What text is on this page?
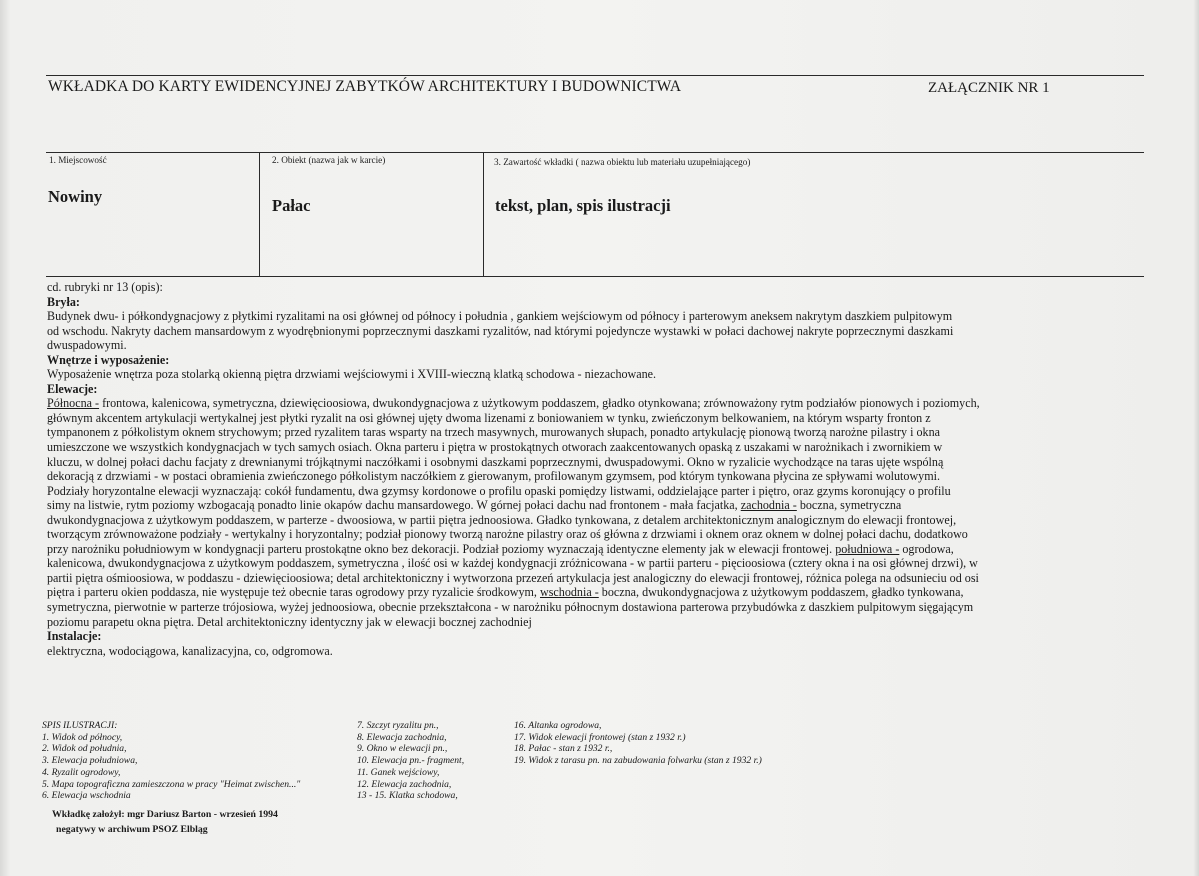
WKŁADKA DO KARTY EWIDENCYJNEJ ZABYTKÓW ARCHITEKTURY I BUDOWNICTWA	ZAŁĄCZNIK NR 1
1. Miejscowość
Nowiny
2. Obiekt (nazwa jak w karcie)
Pałac
3. Zawartość wkładki ( nazwa obiektu lub materiału uzupełniającego)
tekst, plan, spis ilustracji

cd. rubryki nr 13 (opis):

Bryła:

Budynek dwu- i półkondygnacjowy z płytkimi ryzalitami na osi głównej od północy i południa , gankiem wejściowym od północy i parterowym aneksem nakrytym daszkiem pulpitowym

od wschodu. Nakryty dachem mansardowym z wyodrębnionymi poprzecznymi daszkami ryzalitów, nad którymi pojedyncze wystawki w połaci dachowej nakryte poprzecznymi daszkami

dwuspadowymi.

Wnętrze i wyposażenie:

Wyposażenie wnętrza poza stolarką okienną piętra drzwiami wejściowymi i XVIII-wieczną klatką schodowa - niezachowane.

Elewacje:

Północna - frontowa, kalenicowa, symetryczna, dziewięcioosiowa, dwukondygnacjowa z użytkowym poddaszem, gładko otynkowana; zrównoważony rytm podziałów pionowych i poziomych,

głównym akcentem artykulacji wertykalnej jest płytki ryzalit na osi głównej ujęty dwoma lizenami z boniowaniem w tynku, zwieńczonym belkowaniem, na którym wsparty fronton z

tympanonem z półkolistym oknem strychowym; przed ryzalitem taras wsparty na trzech masywnych, murowanych słupach, ponadto artykulację pionową tworzą narożne pilastry i okna

umieszczone we wszystkich kondygnacjach w tych samych osiach. Okna parteru i piętra w prostokątnych otworach zaakcentowanych opaską z uszakami w narożnikach i zwornikiem w

kluczu, w dolnej połaci dachu facjaty z drewnianymi trójkątnymi naczółkami i osobnymi daszkami poprzecznymi, dwuspadowymi. Okno w ryzalicie wychodzące na taras ujęte wspólną

dekoracją z drzwiami - w postaci obramienia zwieńczonego półkolistym naczółkiem z gierowanym, profilowanym gzymsem, pod którym tynkowana płycina ze spływami wolutowymi.

Podziały horyzontalne elewacji wyznaczają: cokół fundamentu, dwa gzymsy kordonowe o profilu opaski pomiędzy listwami, oddzielające parter i piętro, oraz gzyms koronujący o profilu

simy na listwie, rytm poziomy wzbogacają ponadto linie okapów dachu mansardowego. W górnej połaci dachu nad frontonem - mała facjatka, zachodnia - boczna, symetryczna

dwukondygnacjowa z użytkowym poddaszem, w parterze - dwoosiowa, w partii piętra jednoosiowa. Gładko tynkowana, z detalem architektonicznym analogicznym do elewacji frontowej,

tworzącym zrównoważone podziały - wertykalny i horyzontalny; podział pionowy tworzą narożne pilastry oraz oś główna z drzwiami i oknem oraz oknem w dolnej połaci dachu, dodatkowo

przy narożniku południowym w kondygnacji parteru prostokątne okno bez dekoracji. Podział poziomy wyznaczają identyczne elementy jak w elewacji frontowej. południowa - ogrodowa,

kalenicowa, dwukondygnacjowa z użytkowym poddaszem, symetryczna , ilość osi w każdej kondygnacji zróżnicowana - w partii parteru - pięcioosiowa (cztery okna i na osi głównej drzwi), w

partii piętra ośmioosiowa, w poddaszu - dziewięcioosiowa; detal architektoniczny i wytworzona przezeń artykulacja jest analogiczny do elewacji frontowej, różnica polega na odsunieciu od osi

piętra i parteru okien poddasza, nie występuje też obecnie taras ogrodowy przy ryzalicie środkowym, wschodnia - boczna, dwukondygnacjowa z użytkowym poddaszem, gładko tynkowana,

symetryczna, pierwotnie w parterze trójosiowa, wyżej jednoosiowa, obecnie przekształcona - w narożniku północnym dostawiona parterowa przybudówka z daszkiem pulpitowym sięgającym

poziomu parapetu okna piętra. Detal architektoniczny identyczny jak w elewacji bocznej zachodniej

Instalacje:

elektryczna, wodociągowa, kanalizacyjna, co, odgromowa.

SPIS ILUSTRACJI:
1. Widok od północy,
2. Widok od południa,
3. Elewacja południowa,
4. Ryzalit ogrodowy,
5. Mapa topograficzna zamieszczona w pracy "Heimat zwischen..."
6. Elewacja wschodnia
7. Szczyt ryzalitu pn.,
8. Elewacja zachodnia,
9. Okno w elewacji pn.,
10. Elewacja pn.- fragment,
11. Ganek wejściowy,
12. Elewacja zachodnia,
13 - 15. Klatka schodowa,
16. Altanka ogrodowa,
17. Widok elewacji frontowej (stan z 1932 r.)
18. Pałac - stan z 1932 r.,
19. Widok z tarasu pn. na zabudowania folwarku (stan z 1932 r.)
Wkładkę założył: mgr Dariusz Barton - wrzesień 1994
negatywy w archiwum PSOZ Elbląg
